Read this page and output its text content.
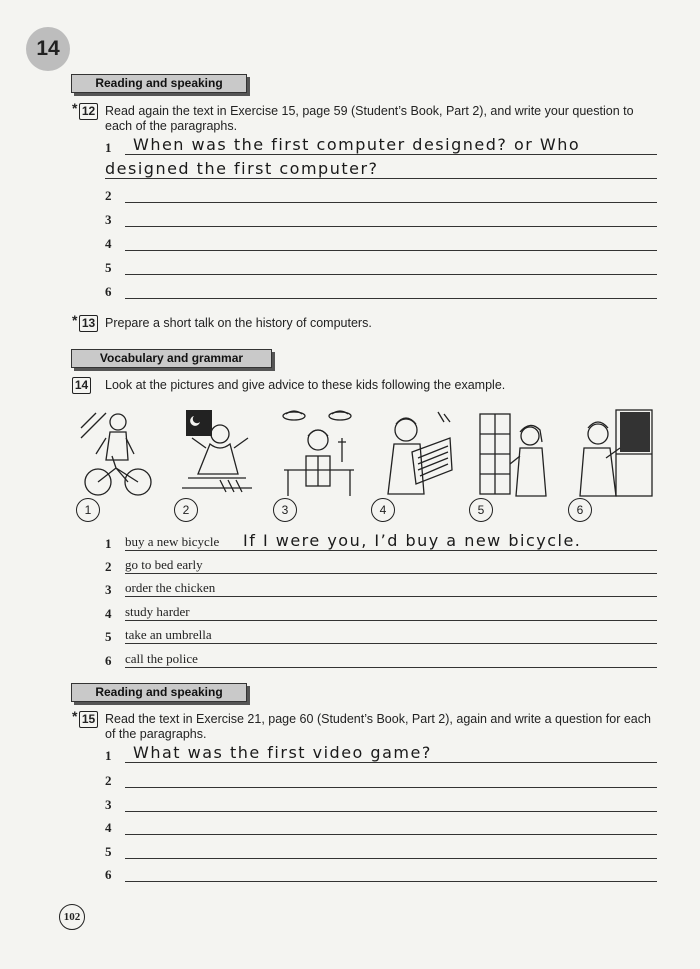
14
Reading and speaking
* 12 Read again the text in Exercise 15, page 59 (Student’s Book, Part 2), and write your question to each of the paragraphs.
1 When was the first computer designed? or Who
designed the first computer?
2
3
4
5
6
* 13 Prepare a short talk on the history of computers.
Vocabulary and grammar
14 Look at the pictures and give advice to these kids following the example.
1	2	3	4	5	6
1 buy a new bicycle If I were you, I’d buy a new bicycle.
2 go to bed early
3 order the chicken
4 study harder
5 take an umbrella
6 call the police
Reading and speaking
* 15 Read the text in Exercise 21, page 60 (Student’s Book, Part 2), again and write a question for each of the paragraphs.
1 What was the first video game?
2
3
4
5
6
102
